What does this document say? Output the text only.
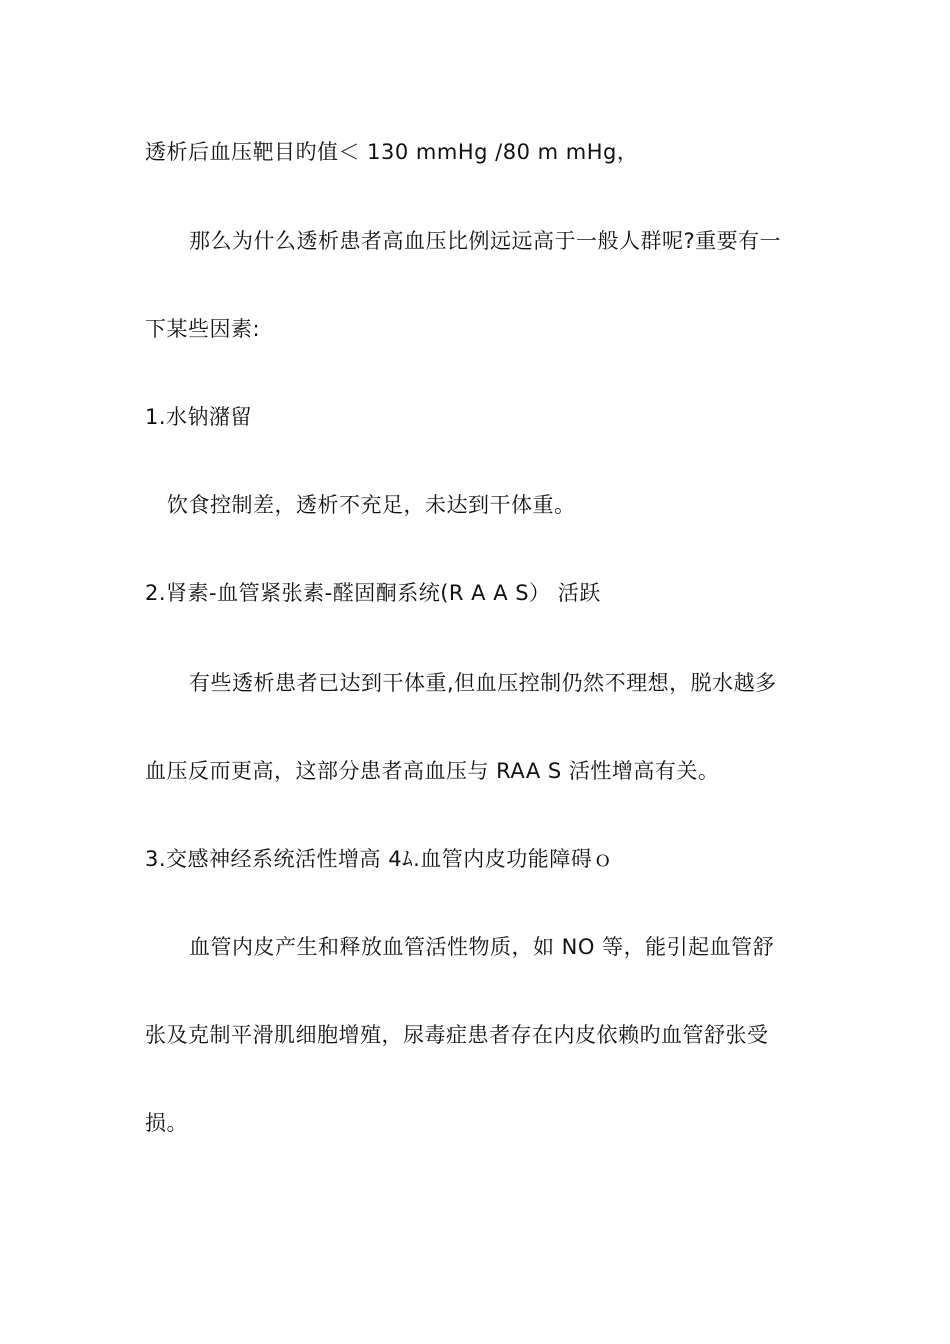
透析后血压靶目旳值＜ 130 mmHg /80 m mHg，
那么为什么透析患者高血压比例远远高于一般人群呢?重要有一
下某些因素:
1.水钠潴留
饮食控制差，透析不充足，未达到干体重。
2.肾素-血管紧张素-醛固酮系统(R A A S） 活跃
有些透析患者已达到干体重,但血压控制仍然不理想，脱水越多
血压反而更高，这部分患者高血压与 RAA S 活性增高有关。
3.交感神经系统活性增高 4ﾑ.血管内皮功能障碍ｏ
血管内皮产生和释放血管活性物质，如 NO 等，能引起血管舒
张及克制平滑肌细胞增殖，尿毒症患者存在内皮依赖旳血管舒张受
损。
